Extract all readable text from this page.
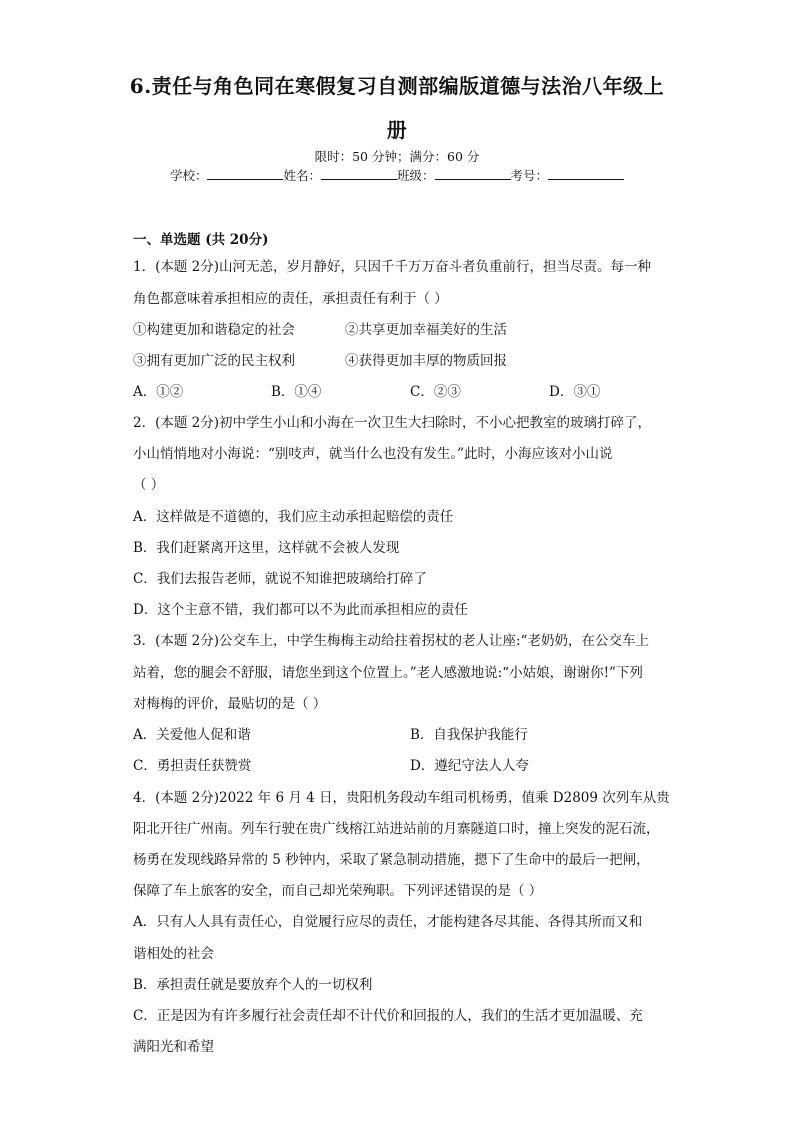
6.责任与角色同在寒假复习自测部编版道德与法治八年级上
册
限时：50 分钟；满分：60 分
学校：	姓名：	班级：	考号：
一、单选题 (共 20分)
1．(本题 2分)山河无恙，岁月静好，只因千千万万奋斗者负重前行，担当尽责。每一种
角色都意味着承担相应的责任，承担责任有利于（ ）
①构建更加和谐稳定的社会	②共享更加幸福美好的生活
③拥有更加广泛的民主权利	④获得更加丰厚的物质回报
A．①②	B．①④	C．②③	D．③①
2．(本题 2分)初中学生小山和小海在一次卫生大扫除时，不小心把教室的玻璃打碎了，
小山悄悄地对小海说：“别吱声，就当什么也没有发生。”此时，小海应该对小山说
（ ）
A．这样做是不道德的，我们应主动承担起赔偿的责任
B．我们赶紧离开这里，这样就不会被人发现
C．我们去报告老师，就说不知谁把玻璃给打碎了
D．这个主意不错，我们都可以不为此而承担相应的责任
3．(本题 2分)公交车上，中学生梅梅主动给拄着拐杖的老人让座:“老奶奶，在公交车上
站着，您的腿会不舒服，请您坐到这个位置上。”老人感激地说:“小姑娘，谢谢你!”下列
对梅梅的评价，最贴切的是（ ）
A．关爱他人促和谐	B．自我保护我能行
C．勇担责任获赞赏	D．遵纪守法人人夸
4．(本题 2分)2022 年 6 月 4 日，贵阳机务段动车组司机杨勇，值乘 D2809 次列车从贵
阳北开往广州南。列车行驶在贵广线榕江站进站前的月寨隧道口时，撞上突发的泥石流，
杨勇在发现线路异常的 5 秒钟内，采取了紧急制动措施，摁下了生命中的最后一把闸，
保障了车上旅客的安全，而自己却光荣殉职。下列评述错误的是（ ）
A．只有人人具有责任心，自觉履行应尽的责任，才能构建各尽其能、各得其所而又和
谐相处的社会
B．承担责任就是要放弃个人的一切权利
C．正是因为有许多履行社会责任却不计代价和回报的人，我们的生活才更加温暖、充
满阳光和希望
